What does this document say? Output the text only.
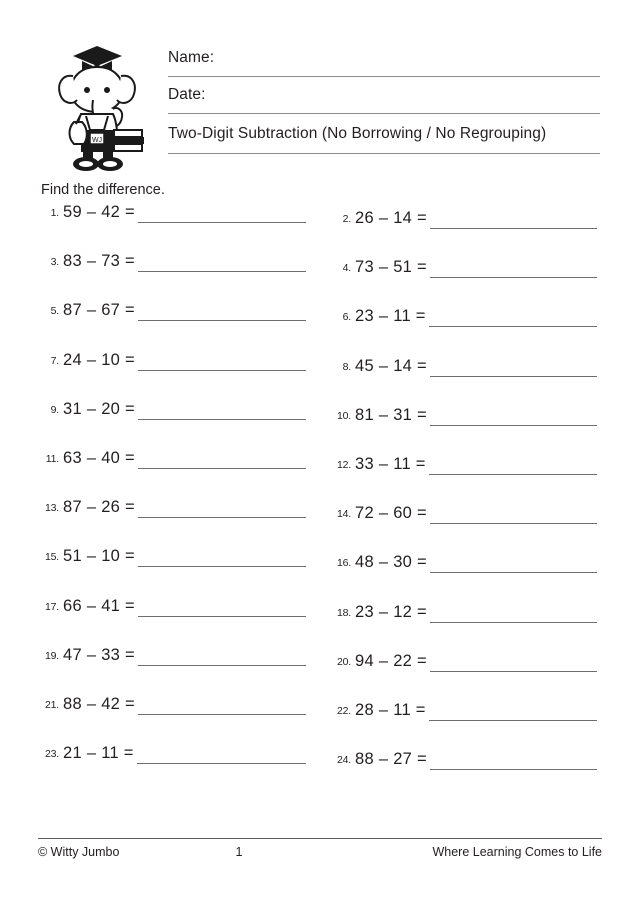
WJ
Name:
Date:
Two-Digit Subtraction (No Borrowing / No Regrouping)
Find the difference.
1. 59 – 42 =	2. 26 – 14 =
3. 83 – 73 =	4. 73 – 51 =
5. 87 – 67 =	6. 23 – 11 =
7. 24 – 10 =	8. 45 – 14 =
9. 31 – 20 =	10. 81 – 31 =
11. 63 – 40 =	12. 33 – 11 =
13. 87 – 26 =	14. 72 – 60 =
15. 51 – 10 =	16. 48 – 30 =
17. 66 – 41 =	18. 23 – 12 =
19. 47 – 33 =	20. 94 – 22 =
21. 88 – 42 =	22. 28 – 11 =
23. 21 – 11 =	24. 88 – 27 =
© Witty Jumbo	1	Where Learning Comes to Life
